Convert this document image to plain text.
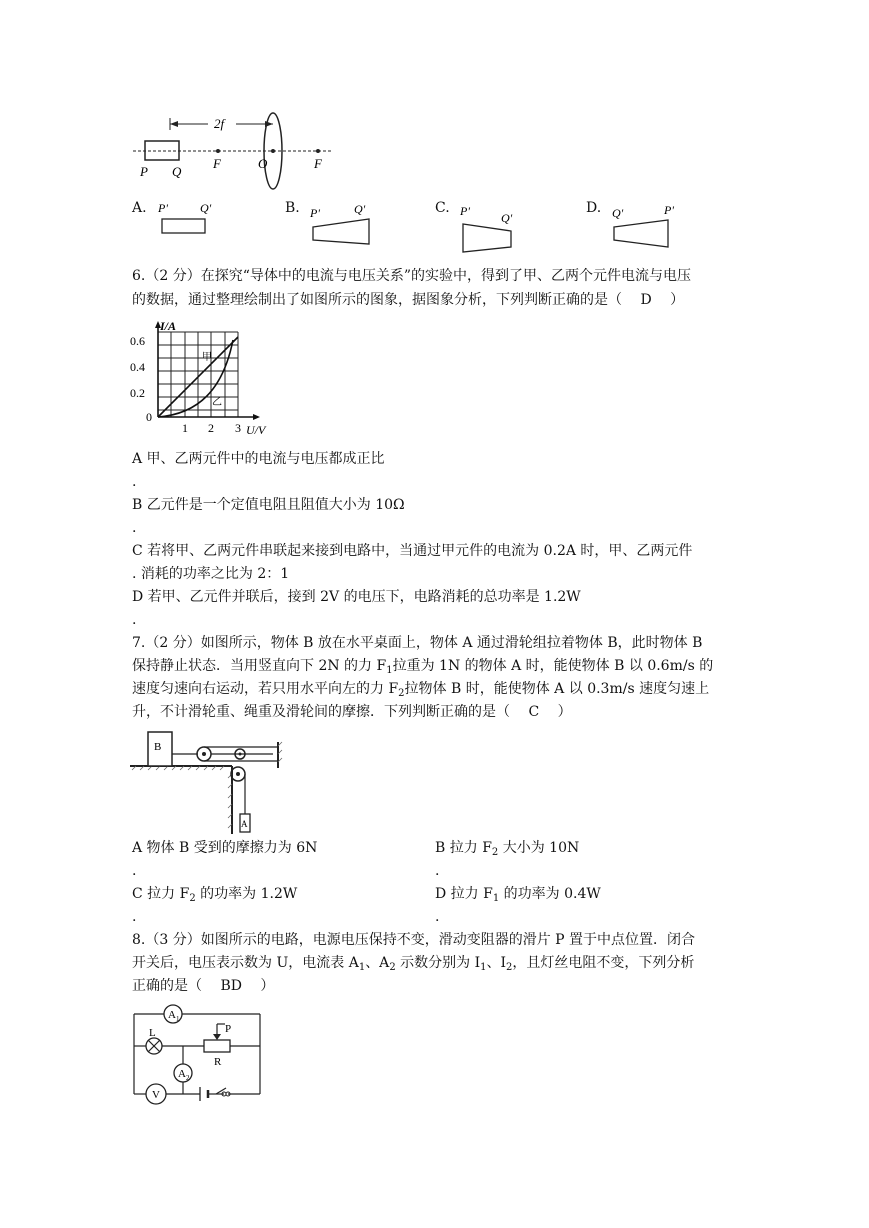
2f
P Q
F	O	F
A. P'	Q'	B. P'	Q'	C. P'	Q'
D. Q'	P'
6.（2 分）在探究“导体中的电流与电压关系”的实验中，得到了甲、乙两个元件电流与电压
的数据，通过整理绘制出了如图所示的图象，据图象分析，下列判断正确的是（　 D　 ）
甲
乙
I/A
0.6
0.4
0.2
0
1 2 3 U/V
A 甲、乙两元件中的电流与电压都成正比
.
B 乙元件是一个定值电阻且阻值大小为 10Ω
.
C 若将甲、乙两元件串联起来接到电路中，当通过甲元件的电流为 0.2A 时，甲、乙两元件
. 消耗的功率之比为 2：1
D 若甲、乙元件并联后，接到 2V 的电压下，电路消耗的总功率是 1.2W
.
7.（2 分）如图所示，物体 B 放在水平桌面上，物体 A 通过滑轮组拉着物体 B，此时物体 B
保持静止状态．当用竖直向下 2N 的力 $F_1$拉重为 1N 的物体 A 时，能使物体 B 以 0.6m/s 的
速度匀速向右运动，若只用水平向左的力 $F_2$拉物体 B 时，能使物体 A 以 0.3m/s 速度匀速上
升，不计滑轮重、绳重及滑轮间的摩擦．下列判断正确的是（　 C　 ）
B
A
A 物体 B 受到的摩擦力为 6N
.
B 拉力 $F_2$ 大小为 10N
.
C 拉力 $F_2$ 的功率为 1.2W
.
D 拉力 $F_1$ 的功率为 0.4W
.
8.（3 分）如图所示的电路，电源电压保持不变，滑动变阻器的滑片 P 置于中点位置．闭合
开关后，电压表示数为 U，电流表 $A_1$、$A_2$ 示数分别为 $I_1$、$I_2$，且灯丝电阻不变，下列分析
正确的是（　 BD　 ）
$A_1$
L	P
R
$A_2$
V
